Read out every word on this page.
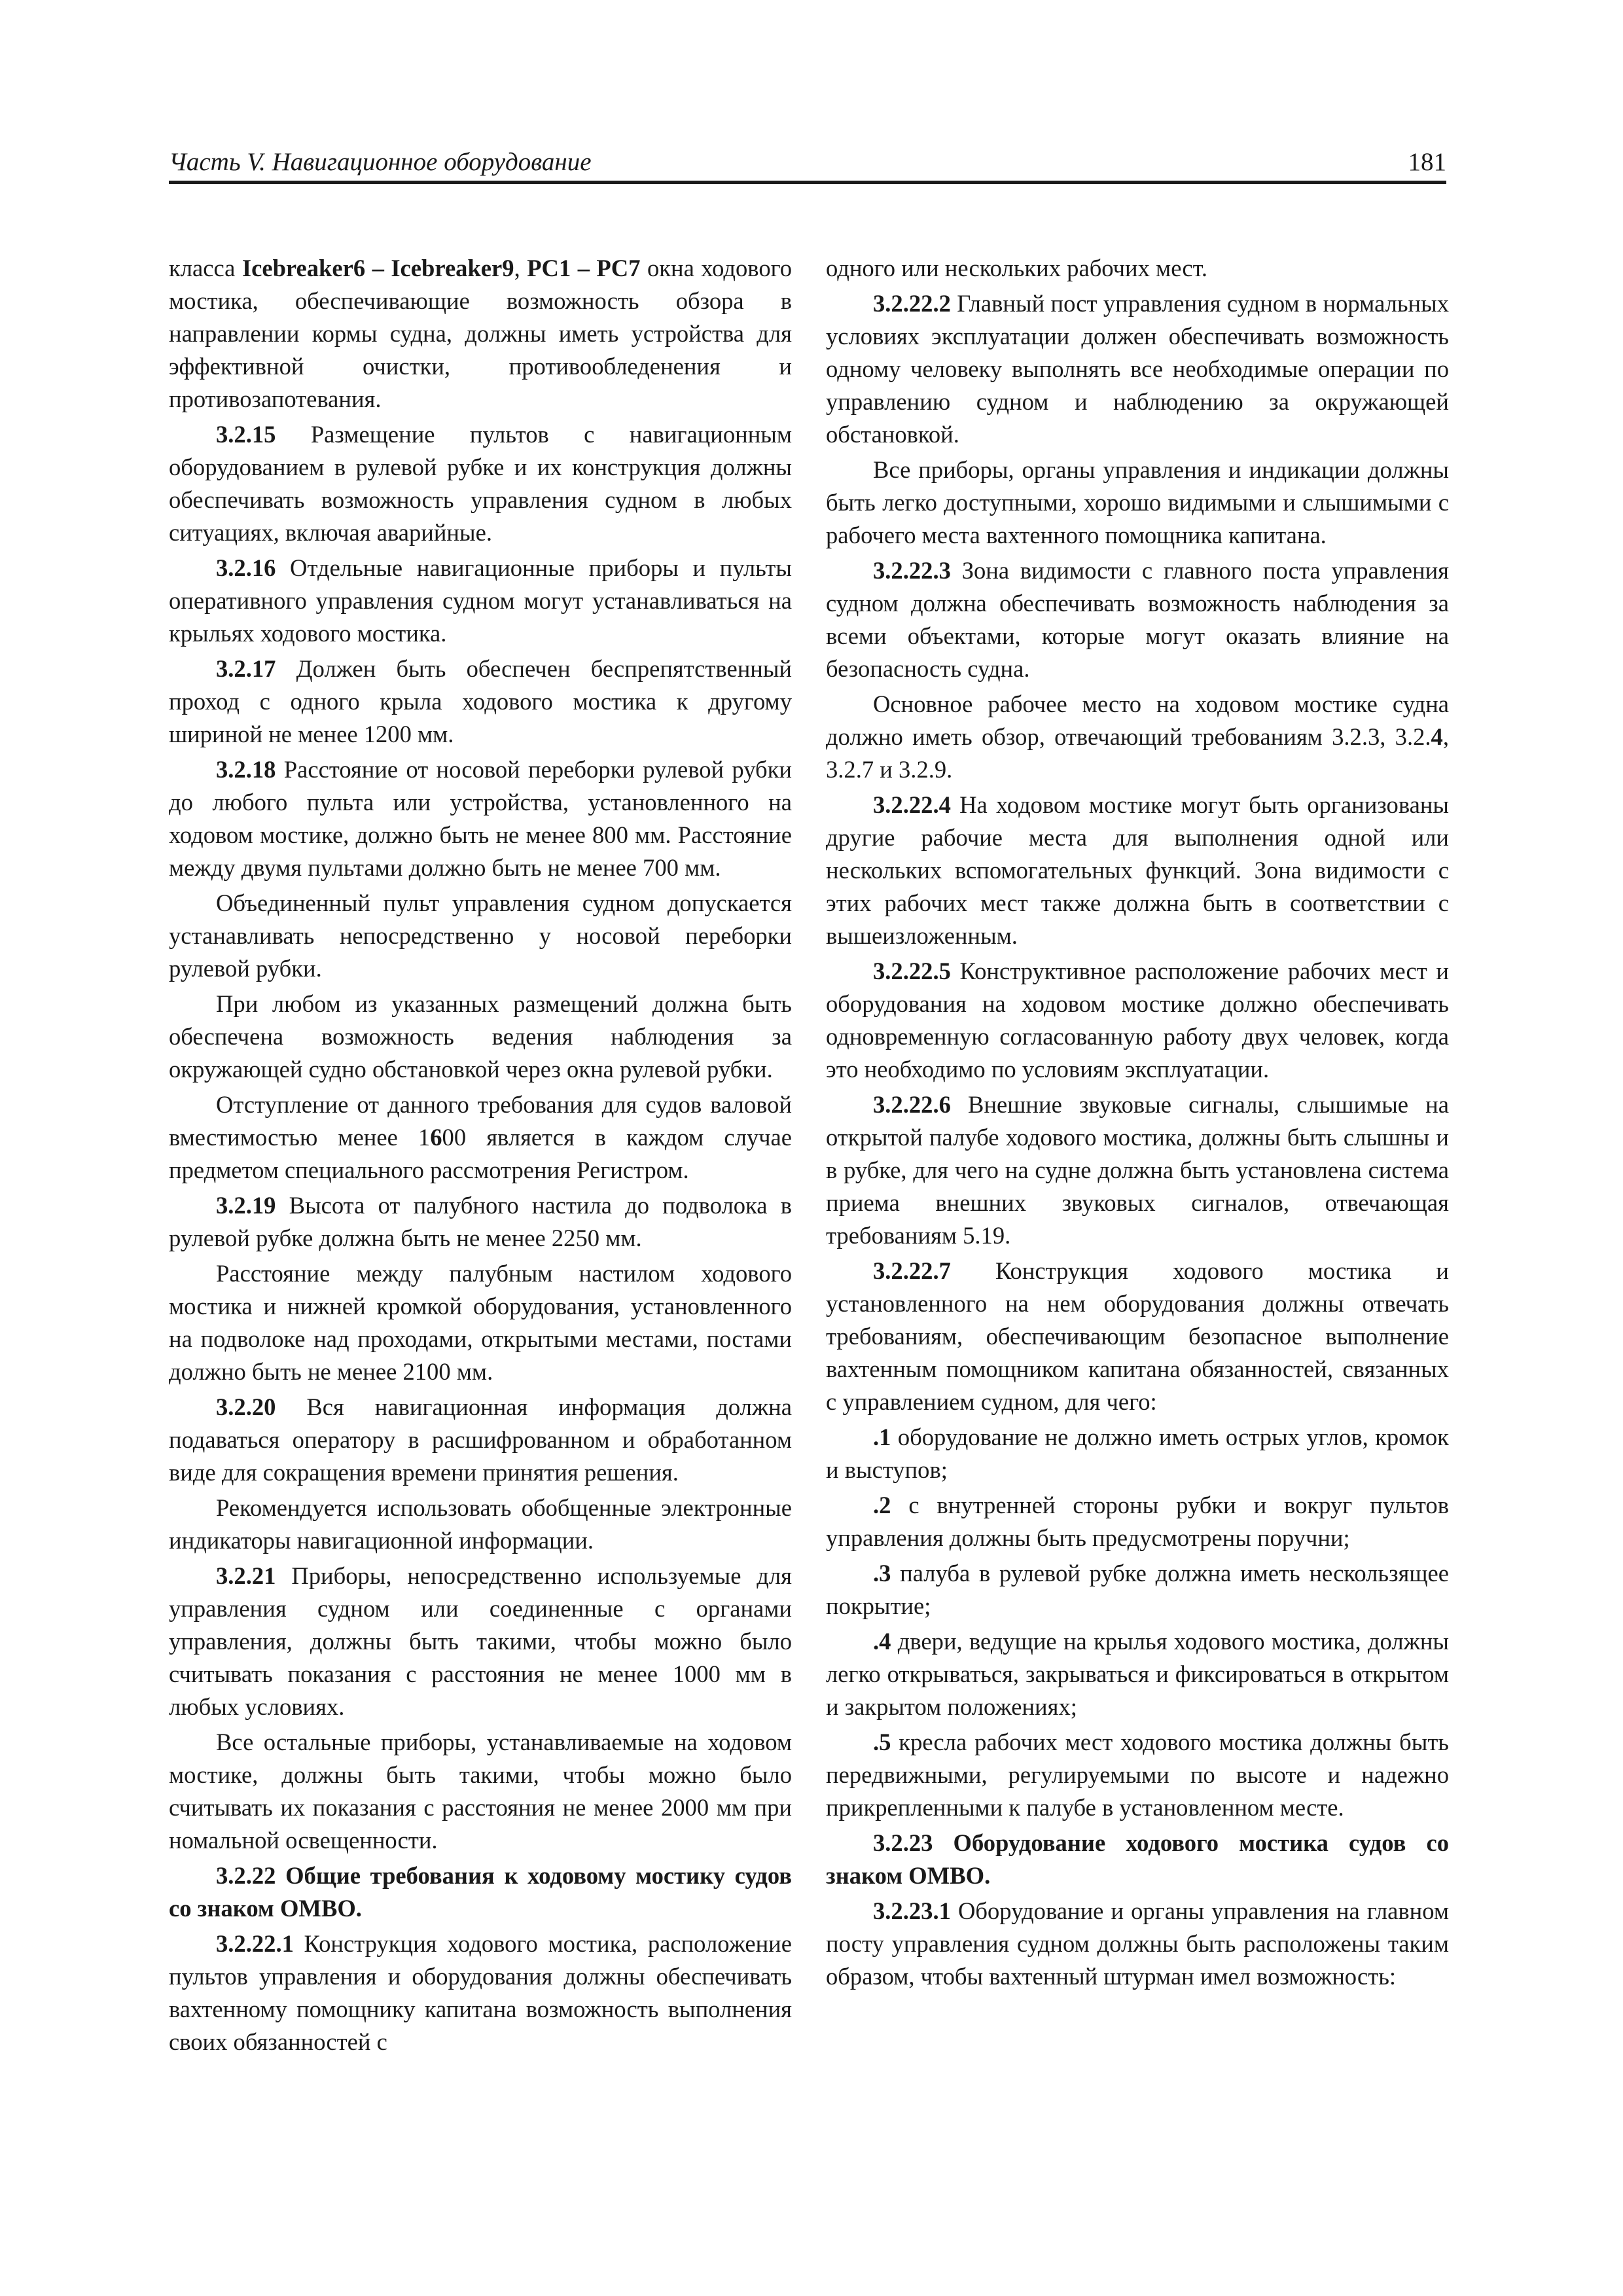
Часть V. Навигационное оборудование	181

класса Icebreaker6 – Icebreaker9, PC1 – PC7 окна ходового мостика, обеспечивающие возможность обзора в направлении кормы судна, должны иметь устройства для эффективной очистки, противообледенения и противозапотевания.

3.2.15 Размещение пультов с навигационным оборудованием в рулевой рубке и их конструкция должны обеспечивать возможность управления судном в любых ситуациях, включая аварийные.

3.2.16 Отдельные навигационные приборы и пульты оперативного управления судном могут устанавливаться на крыльях ходового мостика.

3.2.17 Должен быть обеспечен беспрепятственный проход с одного крыла ходового мостика к другому шириной не менее 1200 мм.

3.2.18 Расстояние от носовой переборки рулевой рубки до любого пульта или устройства, установленного на ходовом мостике, должно быть не менее 800 мм. Расстояние между двумя пультами должно быть не менее 700 мм.

Объединенный пульт управления судном допускается устанавливать непосредственно у носовой переборки рулевой рубки.

При любом из указанных размещений должна быть обеспечена возможность ведения наблюдения за окружающей судно обстановкой через окна рулевой рубки.

Отступление от данного требования для судов валовой вместимостью менее 1600 является в каждом случае предметом специального рассмотрения Регистром.

3.2.19 Высота от палубного настила до подволока в рулевой рубке должна быть не менее 2250 мм.

Расстояние между палубным настилом ходового мостика и нижней кромкой оборудования, установленного на подволоке над проходами, открытыми местами, постами должно быть не менее 2100 мм.

3.2.20 Вся навигационная информация должна подаваться оператору в расшифрованном и обработанном виде для сокращения времени принятия решения.

Рекомендуется использовать обобщенные электронные индикаторы навигационной информации.

3.2.21 Приборы, непосредственно используемые для управления судном или соединенные с органами управления, должны быть такими, чтобы можно было считывать показания с расстояния не менее 1000 мм в любых условиях.

Все остальные приборы, устанавливаемые на ходовом мостике, должны быть такими, чтобы можно было считывать их показания с расстояния не менее 2000 мм при номальной освещенности.

3.2.22 Общие требования к ходовому мостику судов со знаком ОМВО.

3.2.22.1 Конструкция ходового мостика, расположение пультов управления и оборудования должны обеспечивать вахтенному помощнику капитана возможность выполнения своих обязанностей с

одного или нескольких рабочих мест.

3.2.22.2 Главный пост управления судном в нормальных условиях эксплуатации должен обеспечивать возможность одному человеку выполнять все необходимые операции по управлению судном и наблюдению за окружающей обстановкой.

Все приборы, органы управления и индикации должны быть легко доступными, хорошо видимыми и слышимыми с рабочего места вахтенного помощника капитана.

3.2.22.3 Зона видимости с главного поста управления судном должна обеспечивать возможность наблюдения за всеми объектами, которые могут оказать влияние на безопасность судна.

Основное рабочее место на ходовом мостике судна должно иметь обзор, отвечающий требованиям 3.2.3, 3.2.4, 3.2.7 и 3.2.9.

3.2.22.4 На ходовом мостике могут быть организованы другие рабочие места для выполнения одной или нескольких вспомогательных функций. Зона видимости с этих рабочих мест также должна быть в соответствии с вышеизложенным.

3.2.22.5 Конструктивное расположение рабочих мест и оборудования на ходовом мостике должно обеспечивать одновременную согласованную работу двух человек, когда это необходимо по условиям эксплуатации.

3.2.22.6 Внешние звуковые сигналы, слышимые на открытой палубе ходового мостика, должны быть слышны и в рубке, для чего на судне должна быть установлена система приема внешних звуковых сигналов, отвечающая требованиям 5.19.

3.2.22.7 Конструкция ходового мостика и установленного на нем оборудования должны отвечать требованиям, обеспечивающим безопасное выполнение вахтенным помощником капитана обязанностей, связанных с управлением судном, для чего:

.1 оборудование не должно иметь острых углов, кромок и выступов;

.2 с внутренней стороны рубки и вокруг пультов управления должны быть предусмотрены поручни;

.3 палуба в рулевой рубке должна иметь нескользящее покрытие;

.4 двери, ведущие на крылья ходового мостика, должны легко открываться, закрываться и фиксироваться в открытом и закрытом положениях;

.5 кресла рабочих мест ходового мостика должны быть передвижными, регулируемыми по высоте и надежно прикрепленными к палубе в установленном месте.

3.2.23 Оборудование ходового мостика судов со знаком ОМВО.

3.2.23.1 Оборудование и органы управления на главном посту управления судном должны быть расположены таким образом, чтобы вахтенный штурман имел возможность:
